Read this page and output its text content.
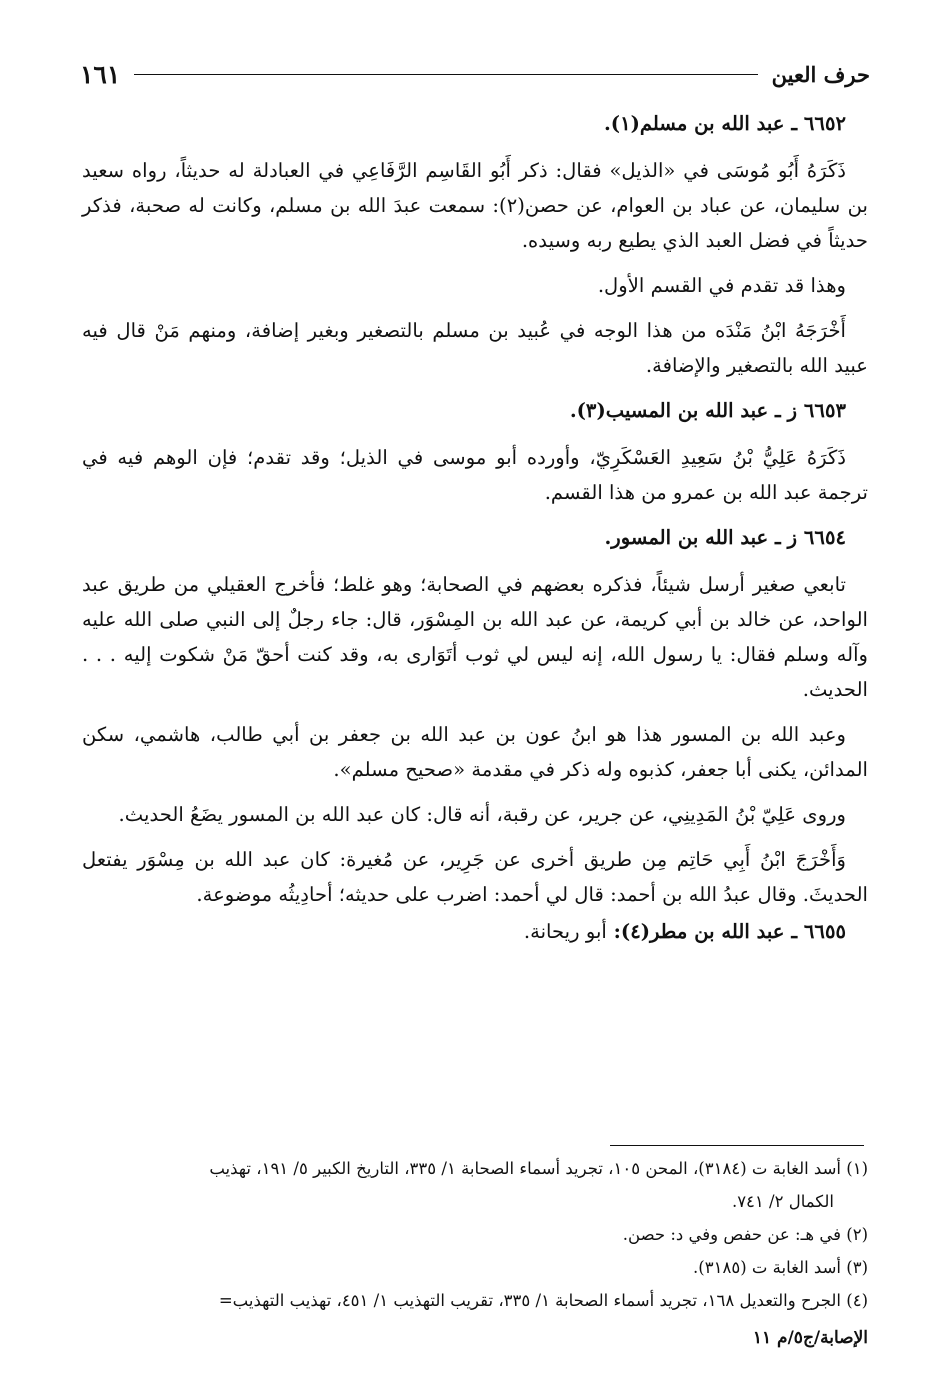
حرف العين
١٦١

٦٦٥٢ ـ عبد الله بن مسلم(١).

ذَكَرَهُ أَبُو مُوسَى في «الذيل» فقال: ذكر أَبُو القَاسِم الرَّفَاعِي في العبادلة له حديثاً، رواه سعيد بن سليمان، عن عباد بن العوام، عن حصن(٢): سمعت عبدَ الله بن مسلم، وكانت له صحبة، فذكر حديثاً في فضل العبد الذي يطيع ربه وسيده.

وهذا قد تقدم في القسم الأول.

أَخْرَجَهُ ابْنُ مَنْدَه من هذا الوجه في عُبيد بن مسلم بالتصغير وبغير إضافة، ومنهم مَنْ قال فيه عبيد الله بالتصغير والإضافة.

٦٦٥٣ ز ـ عبد الله بن المسيب(٣).

ذَكَرَهُ عَلِيُّ بْنُ سَعِيدِ العَسْكَرِيّ، وأورده أبو موسى في الذيل؛ وقد تقدم؛ فإن الوهم فيه في ترجمة عبد الله بن عمرو من هذا القسم.

٦٦٥٤ ز ـ عبد الله بن المسور.

تابعي صغير أرسل شيئاً، فذكره بعضهم في الصحابة؛ وهو غلط؛ فأخرج العقيلي من طريق عبد الواحد، عن خالد بن أبي كريمة، عن عبد الله بن المِسْوَر، قال: جاء رجلٌ إلى النبي صلى الله عليه وآله وسلم فقال: يا رسول الله، إنه ليس لي ثوب أتَوَارى به، وقد كنت أحقّ مَنْ شكوت إليه . . . الحديث.

وعبد الله بن المسور هذا هو ابنُ عون بن عبد الله بن جعفر بن أبي طالب، هاشمي، سكن المدائن، يكنى أبا جعفر، كذبوه وله ذكر في مقدمة «صحيح مسلم».

وروى عَلِيّ بْنُ المَدِينِي، عن جرير، عن رقبة، أنه قال: كان عبد الله بن المسور يضَعُ الحديث.

وَأَخْرَجَ ابْنُ أَبِي حَاتِم مِن طريق أخرى عن جَرِير، عن مُغيرة: كان عبد الله بن مِسْوَر يفتعل الحديثَ. وقال عبدُ الله بن أحمد: قال لي أحمد: اضرب على حديثه؛ أحادِيثُه موضوعة.

٦٦٥٥ ـ عبد الله بن مطر(٤): أبو ريحانة.

(١) أسد الغابة ت (٣١٨٤)، المحن ١٠٥، تجريد أسماء الصحابة ١/ ٣٣٥، التاريخ الكبير ٥/ ١٩١، تهذيب

الكمال ٢/ ٧٤١.

(٢) في هـ: عن حفص وفي د: حصن.

(٣) أسد الغابة ت (٣١٨٥).

(٤) الجرح والتعديل ١٦٨، تجريد أسماء الصحابة ١/ ٣٣٥، تقريب التهذيب ١/ ٤٥١، تهذيب التهذيب=

الإصابة/ج٥/م ١١
